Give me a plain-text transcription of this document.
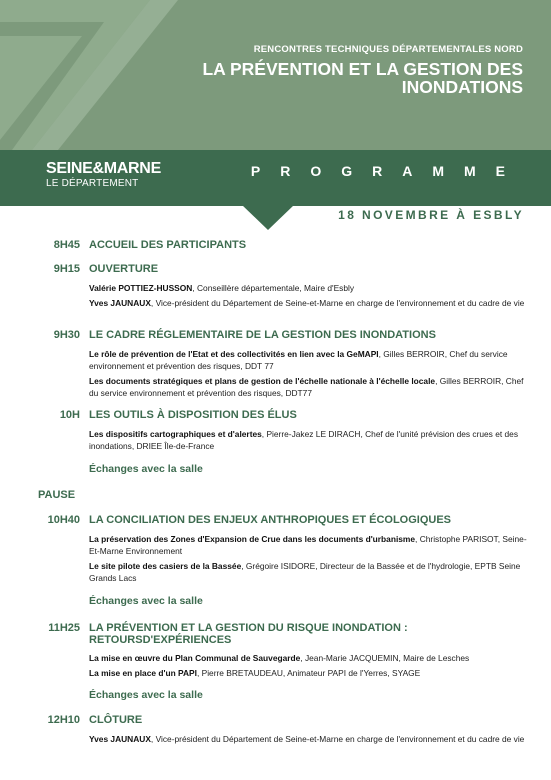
RENCONTRES TECHNIQUES DÉPARTEMENTALES NORD
LA PRÉVENTION ET LA GESTION DES INONDATIONS
SEINE&MARNE
LE DÉPARTEMENT
PROGRAMME
18 NOVEMBRE À ESBLY
8H45 ACCUEIL DES PARTICIPANTS
9H15 OUVERTURE
Valérie POTTIEZ-HUSSON, Conseillère départementale, Maire d'Esbly
Yves JAUNAUX, Vice-président du Département de Seine-et-Marne en charge de l'environnement et du cadre de vie
9H30 LE CADRE RÉGLEMENTAIRE DE LA GESTION DES INONDATIONS
Le rôle de prévention de l'Etat et des collectivités en lien avec la GeMAPI, Gilles BERROIR, Chef du service environnement et prévention des risques, DDT 77
Les documents stratégiques et plans de gestion de l'échelle nationale à l'échelle locale, Gilles BERROIR, Chef du service environnement et prévention des risques, DDT77
10H LES OUTILS À DISPOSITION DES ÉLUS
Les dispositifs cartographiques et d'alertes, Pierre-Jakez LE DIRACH, Chef de l'unité prévision des crues et des inondations, DRIEE Île-de-France
Échanges avec la salle
PAUSE
10H40 LA CONCILIATION DES ENJEUX ANTHROPIQUES ET ÉCOLOGIQUES
La préservation des Zones d'Expansion de Crue dans les documents d'urbanisme, Christophe PARISOT, Seine-Et-Marne Environnement
Le site pilote des casiers de la Bassée, Grégoire ISIDORE, Directeur de la Bassée et de l'hydrologie, EPTB Seine Grands Lacs
Échanges avec la salle
11H25 LA PRÉVENTION ET LA GESTION DU RISQUE INONDATION : RETOURSD'EXPÉRIENCES
La mise en œuvre du Plan Communal de Sauvegarde, Jean-Marie JACQUEMIN, Maire de Lesches
La mise en place d'un PAPI, Pierre BRETAUDEAU, Animateur PAPI de l'Yerres, SYAGE
Échanges avec la salle
12H10 CLÔTURE
Yves JAUNAUX, Vice-président du Département de Seine-et-Marne en charge de l'environnement et du cadre de vie
